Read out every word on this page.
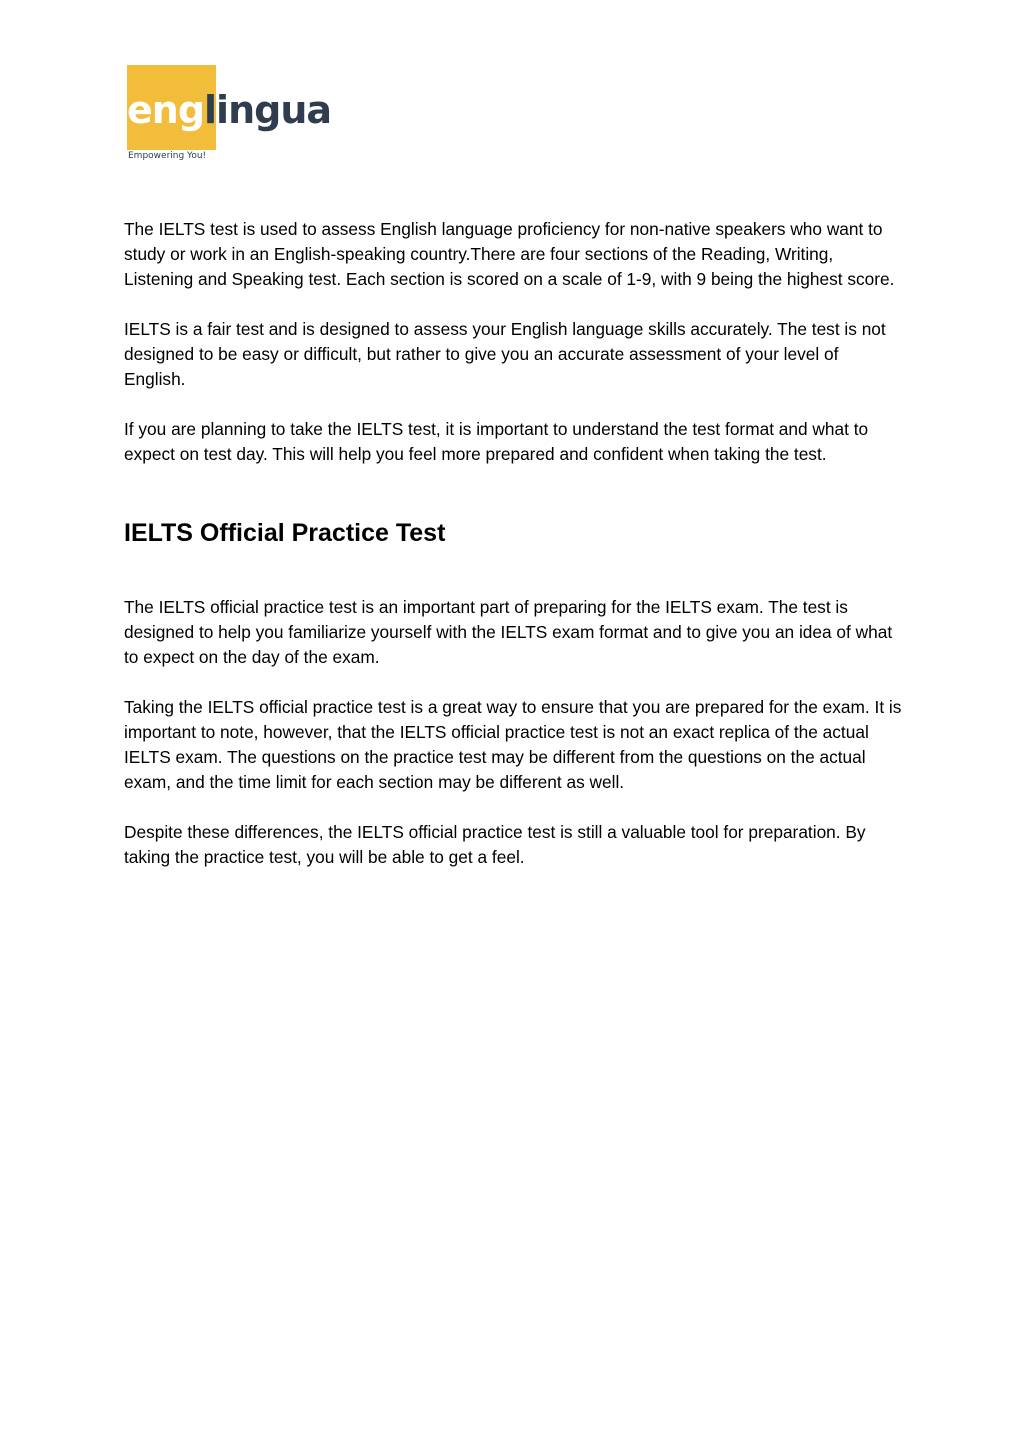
englingua
Empowering You!

The IELTS test is used to assess English language proficiency for non-native speakers who want to study or work in an English-speaking country.There are four sections of the Reading, Writing, Listening and Speaking test. Each section is scored on a scale of 1-9, with 9 being the highest score.

IELTS is a fair test and is designed to assess your English language skills accurately. The test is not designed to be easy or difficult, but rather to give you an accurate assessment of your level of English.

If you are planning to take the IELTS test, it is important to understand the test format and what to expect on test day. This will help you feel more prepared and confident when taking the test.

IELTS Official Practice Test

The IELTS official practice test is an important part of preparing for the IELTS exam. The test is designed to help you familiarize yourself with the IELTS exam format and to give you an idea of what to expect on the day of the exam.

Taking the IELTS official practice test is a great way to ensure that you are prepared for the exam. It is important to note, however, that the IELTS official practice test is not an exact replica of the actual IELTS exam. The questions on the practice test may be different from the questions on the actual exam, and the time limit for each section may be different as well.

Despite these differences, the IELTS official practice test is still a valuable tool for preparation. By taking the practice test, you will be able to get a feel.
